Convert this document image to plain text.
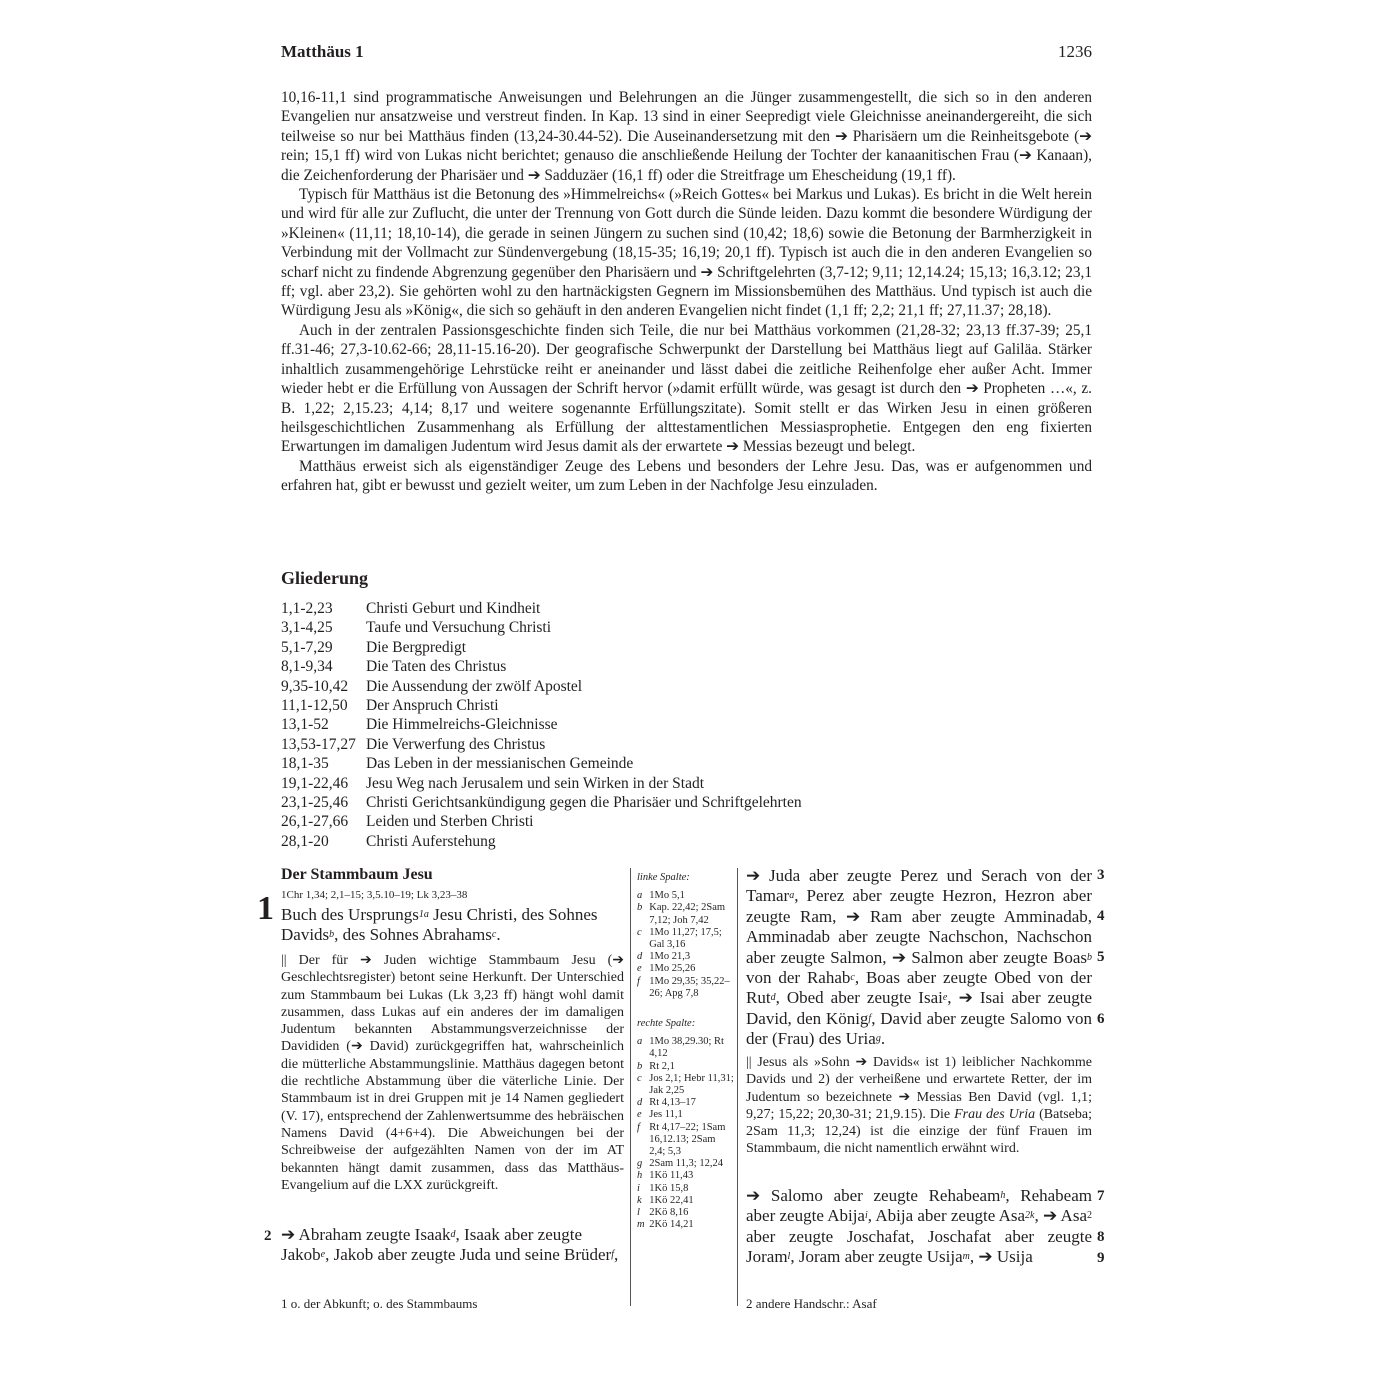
Matthäus 1	1236

10,16-11,1 sind programmatische Anweisungen und Belehrungen an die Jünger zusammengestellt, die sich so in den anderen Evangelien nur ansatzweise und verstreut finden. In Kap. 13 sind in einer Seepredigt viele Gleichnisse aneinandergereiht, die sich teilweise so nur bei Matthäus finden (13,24-30.44-52). Die Auseinandersetzung mit den ➔ Pharisäern um die Reinheitsgebote (➔ rein; 15,1 ff) wird von Lukas nicht berichtet; genauso die anschließende Heilung der Tochter der kanaanitischen Frau (➔ Kanaan), die Zeichenforderung der Pharisäer und ➔ Sadduzäer (16,1 ff) oder die Streitfrage um Ehescheidung (19,1 ff).

Typisch für Matthäus ist die Betonung des »Himmelreichs« (»Reich Gottes« bei Markus und Lukas). Es bricht in die Welt herein und wird für alle zur Zuflucht, die unter der Trennung von Gott durch die Sünde leiden. Dazu kommt die besondere Würdigung der »Kleinen« (11,11; 18,10-14), die gerade in seinen Jüngern zu suchen sind (10,42; 18,6) sowie die Betonung der Barmherzigkeit in Verbindung mit der Vollmacht zur Sündenvergebung (18,15-35; 16,19; 20,1 ff). Typisch ist auch die in den anderen Evangelien so scharf nicht zu findende Abgrenzung gegenüber den Pharisäern und ➔ Schriftgelehrten (3,7-12; 9,11; 12,14.24; 15,13; 16,3.12; 23,1 ff; vgl. aber 23,2). Sie gehörten wohl zu den hartnäckigsten Gegnern im Missionsbemühen des Matthäus. Und typisch ist auch die Würdigung Jesu als »König«, die sich so gehäuft in den anderen Evangelien nicht findet (1,1 ff; 2,2; 21,1 ff; 27,11.37; 28,18).

Auch in der zentralen Passionsgeschichte finden sich Teile, die nur bei Matthäus vorkommen (21,28-32; 23,13 ff.37-39; 25,1 ff.31-46; 27,3-10.62-66; 28,11-15.16-20). Der geografische Schwerpunkt der Darstellung bei Matthäus liegt auf Galiläa. Stärker inhaltlich zusammengehörige Lehrstücke reiht er aneinander und lässt dabei die zeitliche Reihenfolge eher außer Acht. Immer wieder hebt er die Erfüllung von Aussagen der Schrift hervor (»damit erfüllt würde, was gesagt ist durch den ➔ Propheten …«, z. B. 1,22; 2,15.23; 4,14; 8,17 und weitere sogenannte Erfüllungszitate). Somit stellt er das Wirken Jesu in einen größeren heilsgeschichtlichen Zusammenhang als Erfüllung der alttestamentlichen Messiasprophetie. Entgegen den eng fixierten Erwartungen im damaligen Judentum wird Jesus damit als der erwartete ➔ Messias bezeugt und belegt.

Matthäus erweist sich als eigenständiger Zeuge des Lebens und besonders der Lehre Jesu. Das, was er aufgenommen und erfahren hat, gibt er bewusst und gezielt weiter, um zum Leben in der Nachfolge Jesu einzuladen.

Gliederung
1,1-2,23	Christi Geburt und Kindheit
3,1-4,25	Taufe und Versuchung Christi
5,1-7,29	Die Bergpredigt
8,1-9,34	Die Taten des Christus
9,35-10,42	Die Aussendung der zwölf Apostel
11,1-12,50	Der Anspruch Christi
13,1-52	Die Himmelreichs-Gleichnisse
13,53-17,27 Die Verwerfung des Christus
18,1-35	Das Leben in der messianischen Gemeinde
19,1-22,46	Jesu Weg nach Jerusalem und sein Wirken in der Stadt
23,1-25,46	Christi Gerichtsankündigung gegen die Pharisäer und Schriftgelehrten
26,1-27,66	Leiden und Sterben Christi
28,1-20	Christi Auferstehung
Der Stammbaum Jesu
1Chr 1,34; 2,1–15; 3,5.10–19; Lk 3,23–38
1 Buch des Ursprungs$^{1a}$ Jesu Christi, des Sohnes Davids$^b$, des Sohnes Abrahams$^c$.
|| Der für ➔ Juden wichtige Stammbaum Jesu (➔ Geschlechtsregister) betont seine Herkunft. Der Unterschied zum Stammbaum bei Lukas (Lk 3,23 ff) hängt wohl damit zusammen, dass Lukas auf ein anderes der im damaligen Judentum bekannten Abstammungsverzeichnisse der Davididen (➔ David) zurückgegriffen hat, wahrscheinlich die mütterliche Abstammungslinie. Matthäus dagegen betont die rechtliche Abstammung über die väterliche Linie. Der Stammbaum ist in drei Gruppen mit je 14 Namen gegliedert (V. 17), entsprechend der Zahlenwertsumme des hebräischen Namens David (4+6+4). Die Abweichungen bei der Schreibweise der aufgezählten Namen von der im AT bekannten hängt damit zusammen, dass das Matthäus-Evangelium auf die LXX zurückgreift.
2 ➔ Abraham zeugte Isaak$^d$, Isaak aber zeugte Jakob$^e$, Jakob aber zeugte Juda und seine Brüder$^f$,
1 o. der Abkunft; o. des Stammbaums
linke Spalte:
a 1Mo 5,1
b Kap. 22,42; 2Sam 7,12; Joh 7,42
c 1Mo 11,27; 17,5; Gal 3,16
d 1Mo 21,3
e 1Mo 25,26
f 1Mo 29,35; 35,22–26; Apg 7,8
rechte Spalte:
a 1Mo 38,29.30; Rt 4,12
b Rt 2,1
c Jos 2,1; Hebr 11,31; Jak 2,25
d Rt 4,13–17
e Jes 11,1
f Rt 4,17–22; 1Sam 16,12.13; 2Sam 2,4; 5,3
g 2Sam 11,3; 12,24
h 1Kö 11,43
i 1Kö 15,8
k 1Kö 22,41
l 2Kö 8,16
m 2Kö 14,21
➔ Juda aber zeugte Perez und Serach von der Tamar$^a$, Perez aber zeugte Hezron, Hezron aber zeugte Ram, ➔ Ram aber zeugte Amminadab, Amminadab aber zeugte Nachschon, Nachschon aber zeugte Salmon, ➔ Salmon aber zeugte Boas$^b$ von der Rahab$^c$, Boas aber zeugte Obed von der Rut$^d$, Obed aber zeugte Isai$^e$, ➔ Isai aber zeugte David, den König$^f$, David aber zeugte Salomo von der (Frau) des Uria$^g$.
3
4
5
6
|| Jesus als »Sohn ➔ Davids« ist 1) leiblicher Nachkomme Davids und 2) der verheißene und erwartete Retter, der im Judentum so bezeichnete ➔ Messias Ben David (vgl. 1,1; 9,27; 15,22; 20,30-31; 21,9.15). Die Frau des Uria (Batseba; 2Sam 11,3; 12,24) ist die einzige der fünf Frauen im Stammbaum, die nicht namentlich erwähnt wird.
➔ Salomo aber zeugte Rehabeam$^h$, Rehabeam aber zeugte Abija$^i$, Abija aber zeugte Asa$^{2k}$, ➔ Asa$^2$ aber zeugte Joschafat, Joschafat aber zeugte Joram$^l$, Joram aber zeugte Usija$^m$, ➔ Usija
7
8
9
2 andere Handschr.: Asaf
